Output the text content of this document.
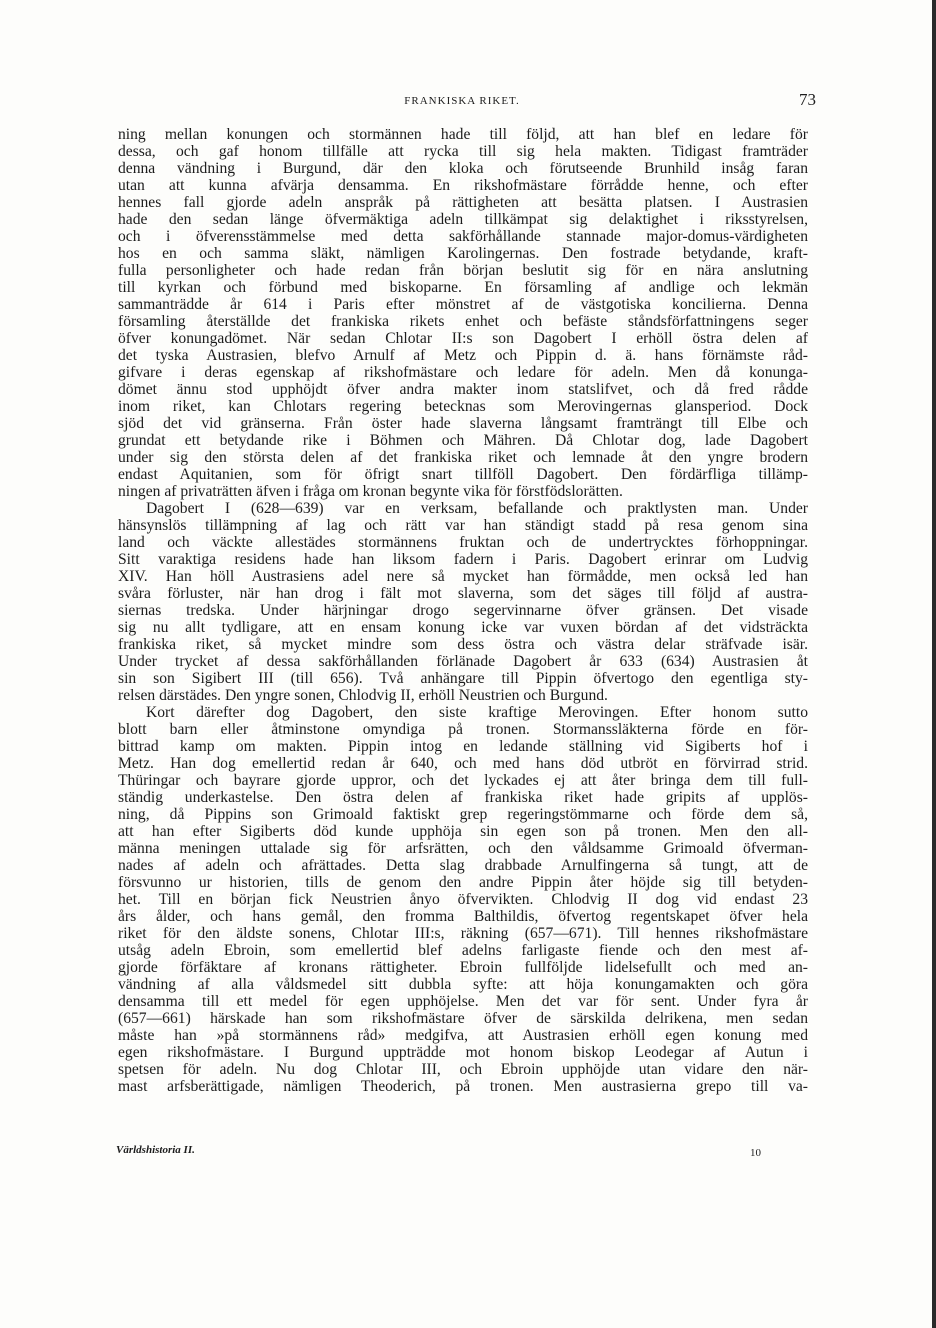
FRANKISKA RIKET.	73
ning mellan konungen och stormännen hade till följd, att han blef en ledare för
dessa, och gaf honom tillfälle att rycka till sig hela makten. Tidigast framträder
denna vändning i Burgund, där den kloka och förutseende Brunhild insåg faran
utan att kunna afvärja densamma. En rikshofmästare förrådde henne, och efter
hennes fall gjorde adeln anspråk på rättigheten att besätta platsen. I Austrasien
hade den sedan länge öfvermäktiga adeln tillkämpat sig delaktighet i riksstyrelsen,
och i öfverensstämmelse med detta sakförhållande stannade major-domus-värdigheten
hos en och samma släkt, nämligen Karolingernas. Den fostrade betydande, kraft-
fulla personligheter och hade redan från början beslutit sig för en nära anslutning
till kyrkan och förbund med biskoparne. En församling af andlige och lekmän
sammanträdde år 614 i Paris efter mönstret af de västgotiska koncilierna. Denna
församling återställde det frankiska rikets enhet och befäste ståndsförfattningens seger
öfver konungadömet. När sedan Chlotar II:s son Dagobert I erhöll östra delen af
det tyska Austrasien, blefvo Arnulf af Metz och Pippin d. ä. hans förnämste råd-
gifvare i deras egenskap af rikshofmästare och ledare för adeln. Men då konunga-
dömet ännu stod upphöjdt öfver andra makter inom statslifvet, och då fred rådde
inom riket, kan Chlotars regering betecknas som Merovingernas glansperiod. Dock
sjöd det vid gränserna. Från öster hade slaverna långsamt framträngt till Elbe och
grundat ett betydande rike i Böhmen och Mähren. Då Chlotar dog, lade Dagobert
under sig den största delen af det frankiska riket och lemnade åt den yngre brodern
endast Aquitanien, som för öfrigt snart tillföll Dagobert. Den fördärfliga tillämp-
ningen af privaträtten äfven i fråga om kronan begynte vika för förstfödslorätten.
Dagobert I (628—639) var en verksam, befallande och praktlysten man. Under
hänsynslös tillämpning af lag och rätt var han ständigt stadd på resa genom sina
land och väckte allestädes stormännens fruktan och de undertrycktes förhoppningar.
Sitt varaktiga residens hade han liksom fadern i Paris. Dagobert erinrar om Ludvig
XIV. Han höll Austrasiens adel nere så mycket han förmådde, men också led han
svåra förluster, när han drog i fält mot slaverna, som det säges till följd af austra-
siernas tredska. Under härjningar drogo segervinnarne öfver gränsen. Det visade
sig nu allt tydligare, att en ensam konung icke var vuxen bördan af det vidsträckta
frankiska riket, så mycket mindre som dess östra och västra delar sträfvade isär.
Under trycket af dessa sakförhållanden förlänade Dagobert år 633 (634) Austrasien åt
sin son Sigibert III (till 656). Två anhängare till Pippin öfvertogo den egentliga sty-
relsen därstädes. Den yngre sonen, Chlodvig II, erhöll Neustrien och Burgund.
Kort därefter dog Dagobert, den siste kraftige Merovingen. Efter honom sutto
blott barn eller åtminstone omyndiga på tronen. Stormanssläkterna förde en för-
bittrad kamp om makten. Pippin intog en ledande ställning vid Sigiberts hof i
Metz. Han dog emellertid redan år 640, och med hans död utbröt en förvirrad strid.
Thüringar och bayrare gjorde uppror, och det lyckades ej att åter bringa dem till full-
ständig underkastelse. Den östra delen af frankiska riket hade gripits af upplös-
ning, då Pippins son Grimoald faktiskt grep regeringstömmarne och förde dem så,
att han efter Sigiberts död kunde upphöja sin egen son på tronen. Men den all-
männa meningen uttalade sig för arfsrätten, och den våldsamme Grimoald öfverman-
nades af adeln och afrättades. Detta slag drabbade Arnulfingerna så tungt, att de
försvunno ur historien, tills de genom den andre Pippin åter höjde sig till betyden-
het. Till en början fick Neustrien ånyo öfvervikten. Chlodvig II dog vid endast 23
års ålder, och hans gemål, den fromma Balthildis, öfvertog regentskapet öfver hela
riket för den äldste sonens, Chlotar III:s, räkning (657—671). Till hennes rikshofmästare
utsåg adeln Ebroin, som emellertid blef adelns farligaste fiende och den mest af-
gjorde förfäktare af kronans rättigheter. Ebroin fullföljde lidelsefullt och med an-
vändning af alla våldsmedel sitt dubbla syfte: att höja konungamakten och göra
densamma till ett medel för egen upphöjelse. Men det var för sent. Under fyra år
(657—661) härskade han som rikshofmästare öfver de särskilda delrikena, men sedan
måste han »på stormännens råd» medgifva, att Austrasien erhöll egen konung med
egen rikshofmästare. I Burgund uppträdde mot honom biskop Leodegar af Autun i
spetsen för adeln. Nu dog Chlotar III, och Ebroin upphöjde utan vidare den när-
mast arfsberättigade, nämligen Theoderich, på tronen. Men austrasierna grepo till va-
Världshistoria II.	10
